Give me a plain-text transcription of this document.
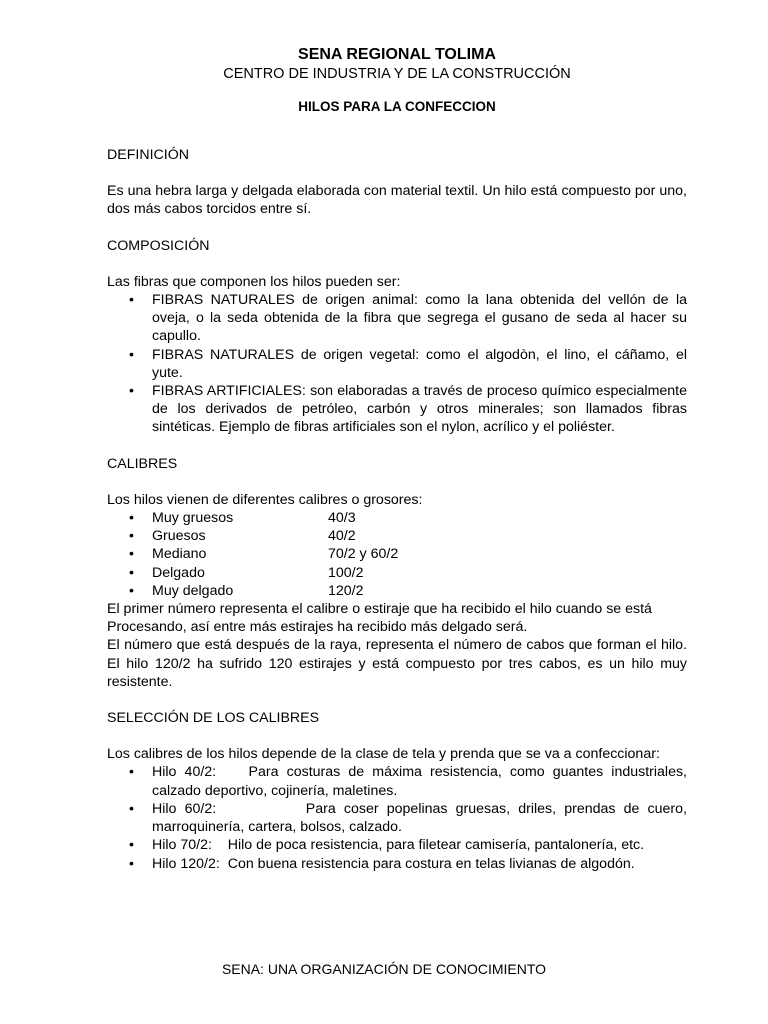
SENA REGIONAL TOLIMA
CENTRO DE INDUSTRIA Y DE LA CONSTRUCCIÓN
HILOS PARA LA CONFECCION
DEFINICIÓN

Es una hebra larga y delgada elaborada con material textil. Un hilo está compuesto por uno, dos más cabos torcidos entre sí.

COMPOSICIÓN

Las fibras que componen los hilos pueden ser:

• FIBRAS NATURALES de origen animal: como la lana obtenida del vellón de la oveja, o la seda obtenida de la fibra que segrega el gusano de seda al hacer su capullo.
• FIBRAS NATURALES de origen vegetal: como el algodòn, el lino, el cáñamo, el yute.
• FIBRAS ARTIFICIALES: son elaboradas a través de proceso químico especialmente de los derivados de petróleo, carbón y otros minerales; son llamados fibras sintéticas. Ejemplo de fibras artificiales son el nylon, acrílico y el poliéster.
CALIBRES

Los hilos vienen de diferentes calibres o grosores:

• Muy gruesos	40/3
• Gruesos	40/2
• Mediano	70/2 y 60/2
• Delgado	100/2
• Muy delgado	120/2

El primer número representa el calibre o estiraje que ha recibido el hilo cuando se está Procesando, así entre más estirajes ha recibido más delgado será.

El número que está después de la raya, representa el número de cabos que forman el hilo. El hilo 120/2 ha sufrido 120 estirajes y está compuesto por tres cabos, es un hilo muy resistente.

SELECCIÓN DE LOS CALIBRES

Los calibres de los hilos depende de la clase de tela y prenda que se va a confeccionar:

• Hilo 40/2:    Para costuras de máxima resistencia, como guantes industriales, calzado deportivo, cojinería, maletines.
• Hilo 60/2:           Para coser popelinas gruesas, driles, prendas de cuero, marroquinería, cartera, bolsos, calzado.
• Hilo 70/2:    Hilo de poca resistencia, para filetear camisería, pantalonería, etc.
• Hilo 120/2:  Con buena resistencia para costura en telas livianas de algodón.
SENA: UNA ORGANIZACIÓN DE CONOCIMIENTO
